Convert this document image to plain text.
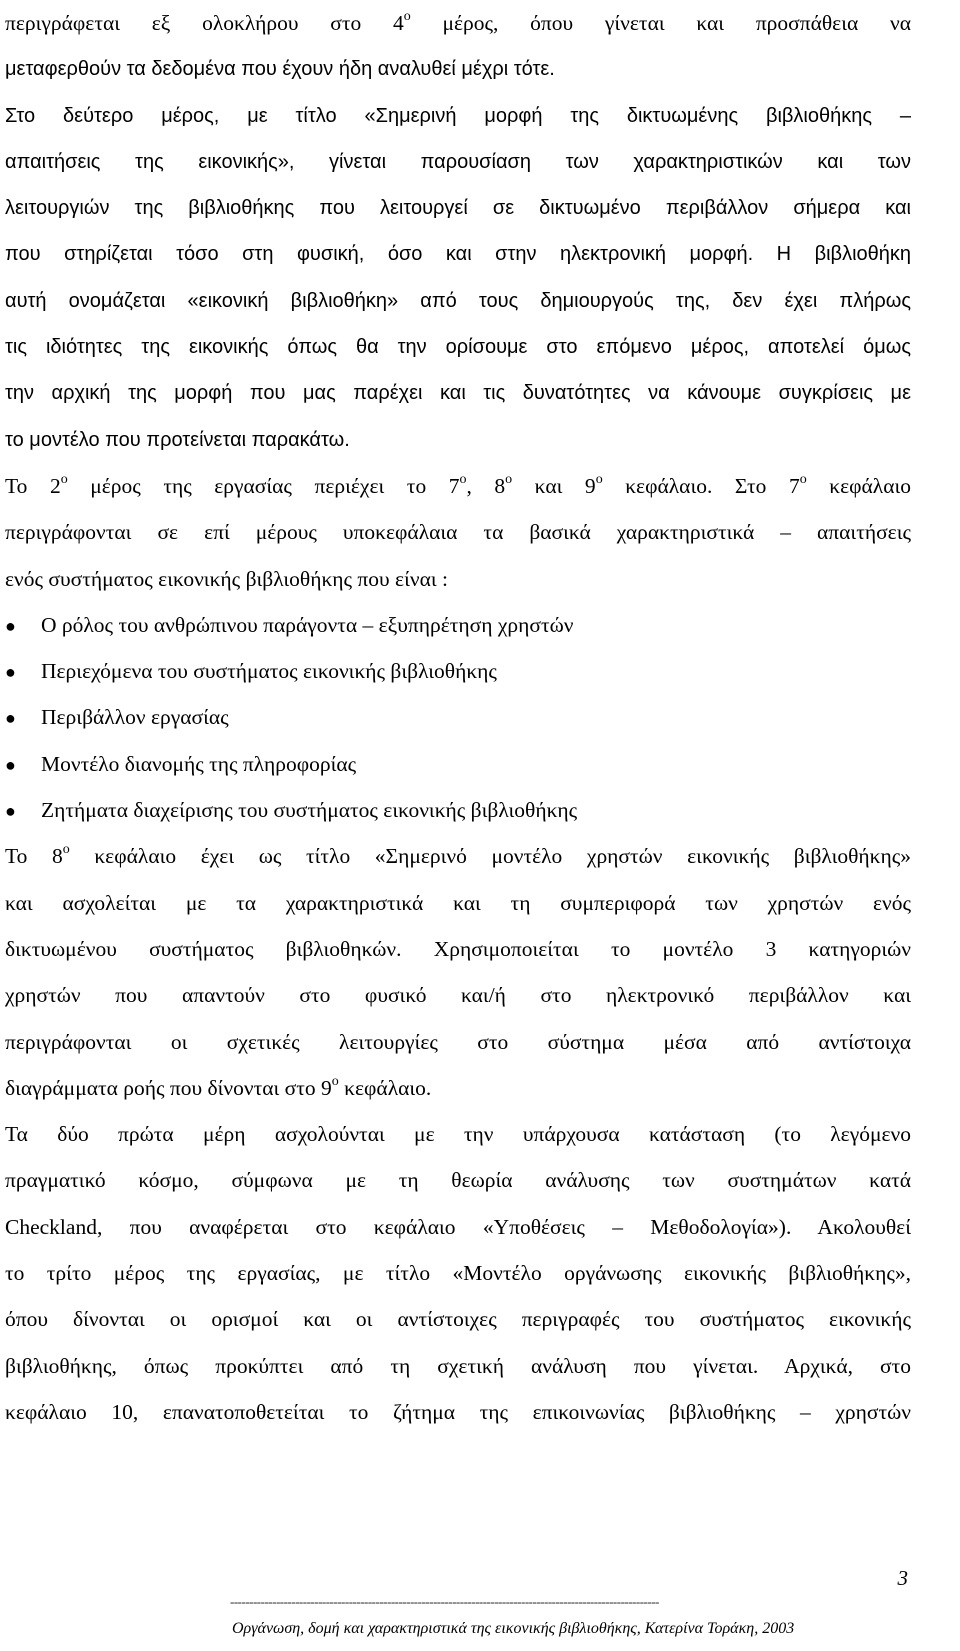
περιγράφεται εξ ολοκλήρου στο $4^o$ μέρος, όπου γίνεται και προσπάθεια να
μεταφερθούν τα δεδομένα που έχουν ήδη αναλυθεί μέχρι τότε.
Στο δεύτερο μέρος, με τίτλο «Σημερινή μορφή της δικτυωμένης βιβλιοθήκης –
απαιτήσεις της εικονικής», γίνεται παρουσίαση των χαρακτηριστικών και των
λειτουργιών της βιβλιοθήκης που λειτουργεί σε δικτυωμένο περιβάλλον σήμερα και
που στηρίζεται τόσο στη φυσική, όσο και στην ηλεκτρονική μορφή. Η βιβλιοθήκη
αυτή ονομάζεται «εικονική βιβλιοθήκη» από τους δημιουργούς της, δεν έχει πλήρως
τις ιδιότητες της εικονικής όπως θα την ορίσουμε στο επόμενο μέρος, αποτελεί όμως
την αρχική της μορφή που μας παρέχει και τις δυνατότητες να κάνουμε συγκρίσεις με
το μοντέλο που προτείνεται παρακάτω.
Το $2^o$ μέρος της εργασίας περιέχει το $7^o$, $8^o$ και $9^o$ κεφάλαιο. Στο $7^o$ κεφάλαιο
περιγράφονται σε επί μέρους υποκεφάλαια τα βασικά χαρακτηριστικά – απαιτήσεις
ενός συστήματος εικονικής βιβλιοθήκης που είναι :
● Ο ρόλος του ανθρώπινου παράγοντα – εξυπηρέτηση χρηστών
● Περιεχόμενα του συστήματος εικονικής βιβλιοθήκης
● Περιβάλλον εργασίας
● Μοντέλο διανομής της πληροφορίας
● Ζητήματα διαχείρισης του συστήματος εικονικής βιβλιοθήκης
Το $8^o$ κεφάλαιο έχει ως τίτλο «Σημερινό μοντέλο χρηστών εικονικής βιβλιοθήκης»
και ασχολείται με τα χαρακτηριστικά και τη συμπεριφορά των χρηστών ενός
δικτυωμένου συστήματος βιβλιοθηκών. Χρησιμοποιείται το μοντέλο 3 κατηγοριών
χρηστών που απαντούν στο φυσικό και/ή στο ηλεκτρονικό περιβάλλον και
περιγράφονται οι σχετικές λειτουργίες στο σύστημα μέσα από αντίστοιχα
διαγράμματα ροής που δίνονται στο $9^o$ κεφάλαιο.
Τα δύο πρώτα μέρη ασχολούνται με την υπάρχουσα κατάσταση (το λεγόμενο
πραγματικό κόσμο, σύμφωνα με τη θεωρία ανάλυσης των συστημάτων κατά
Checkland, που αναφέρεται στο κεφάλαιο «Υποθέσεις – Μεθοδολογία»). Ακολουθεί
το τρίτο μέρος της εργασίας, με τίτλο «Μοντέλο οργάνωσης εικονικής βιβλιοθήκης»,
όπου δίνονται οι ορισμοί και οι αντίστοιχες περιγραφές του συστήματος εικονικής
βιβλιοθήκης, όπως προκύπτει από τη σχετική ανάλυση που γίνεται. Αρχικά, στο
κεφάλαιο 10, επανατοποθετείται το ζήτημα της επικοινωνίας βιβλιοθήκης – χρηστών
3
----------------------------------------------------------------------------------------------------------------
Οργάνωση, δομή και χαρακτηριστικά της εικονικής βιβλιοθήκης, Κατερίνα Τοράκη, 2003
